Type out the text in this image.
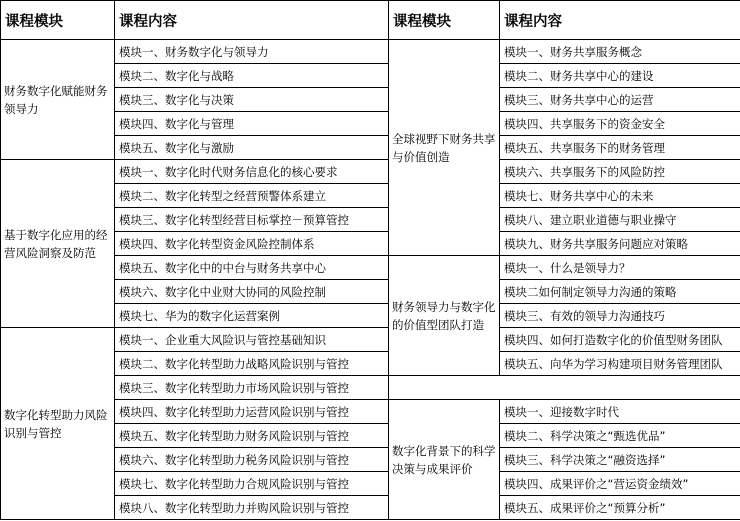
课程模块	课程内容	课程模块	课程内容
财务数字化赋能财务领导力	模块一、财务数字化与领导力	全球视野下财务共享与价值创造	模块一、财务共享服务概念
	模块二、数字化与战略		模块二、财务共享中心的建设
	模块三、数字化与决策		模块三、财务共享中心的运营
	模块四、数字化与管理		模块四、共享服务下的资金安全
	模块五、数字化与激励		模块五、共享服务下的财务管理
基于数字化应用的经营风险洞察及防范	模块一、数字化时代财务信息化的核心要求		模块六、共享服务下的风险防控
	模块二、数字化转型之经营预警体系建立		模块七、财务共享中心的未来
	模块三、数字化转型经营目标掌控－预算管控		模块八、建立职业道德与职业操守
	模块四、数字化转型资金风险控制体系		模块九、财务共享服务问题应对策略
	模块五、数字化中的中台与财务共享中心	财务领导力与数字化的价值型团队打造	模块一、什么是领导力？
	模块六、数字化中业财大协同的风险控制		模块二如何制定领导力沟通的策略
	模块七、华为的数字化运营案例		模块三、有效的领导力沟通技巧
数字化转型助力风险识别与管控	模块一、企业重大风险识与管控基础知识		模块四、如何打造数字化的价值型财务团队
	模块二、数字化转型助力战略风险识别与管控		模块五、向华为学习构建项目财务管理团队
	模块三、数字化转型助力市场风险识别与管控		
	模块四、数字化转型助力运营风险识别与管控	数字化背景下的科学决策与成果评价	模块一、迎接数字时代
	模块五、数字化转型助力财务风险识别与管控		模块二、科学决策之“甄选优品”
	模块六、数字化转型助力税务风险识别与管控		模块三、科学决策之“融资选择”
	模块七、数字化转型助力合规风险识别与管控		模块四、成果评价之“营运资金绩效”
	模块八、数字化转型助力并购风险识别与管控		模块五、成果评价之“预算分析”
